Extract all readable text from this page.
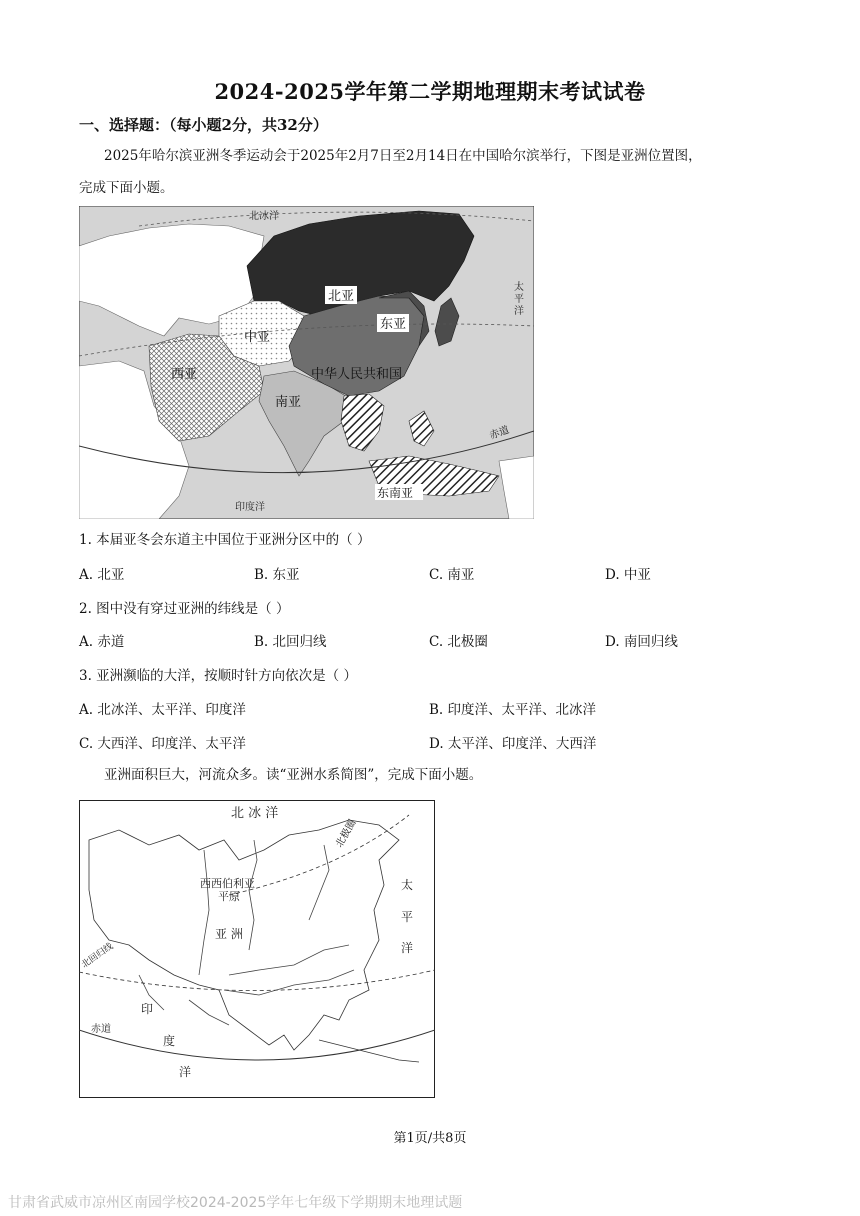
2024-2025学年第二学期地理期末考试试卷
一、选择题：（每小题2分，共32分）
2025年哈尔滨亚洲冬季运动会于2025年2月7日至2月14日在中国哈尔滨举行，下图是亚洲位置图，
完成下面小题。
北冰洋
太平洋
赤道
印度洋
北亚
东亚
中亚
西亚
南亚
中华人民共和国
东南亚
1. 本届亚冬会东道主中国位于亚洲分区中的（ ）
A. 北亚	B. 东亚	C. 南亚	D. 中亚
2. 图中没有穿过亚洲的纬线是（ ）
A. 赤道	B. 北回归线	C. 北极圈	D. 南回归线
3. 亚洲濒临的大洋，按顺时针方向依次是（ ）
A. 北冰洋、太平洋、印度洋	B. 印度洋、太平洋、北冰洋
C. 大西洋、印度洋、太平洋	D. 太平洋、印度洋、大西洋
亚洲面积巨大，河流众多。读“亚洲水系简图”，完成下面小题。
北 冰 洋
北极圈
西西伯利亚
平原
亚 洲
太
平
洋
北回归线
赤道
印
度
洋
第1页/共8页
甘肃省武威市凉州区南园学校2024-2025学年七年级下学期期末地理试题
